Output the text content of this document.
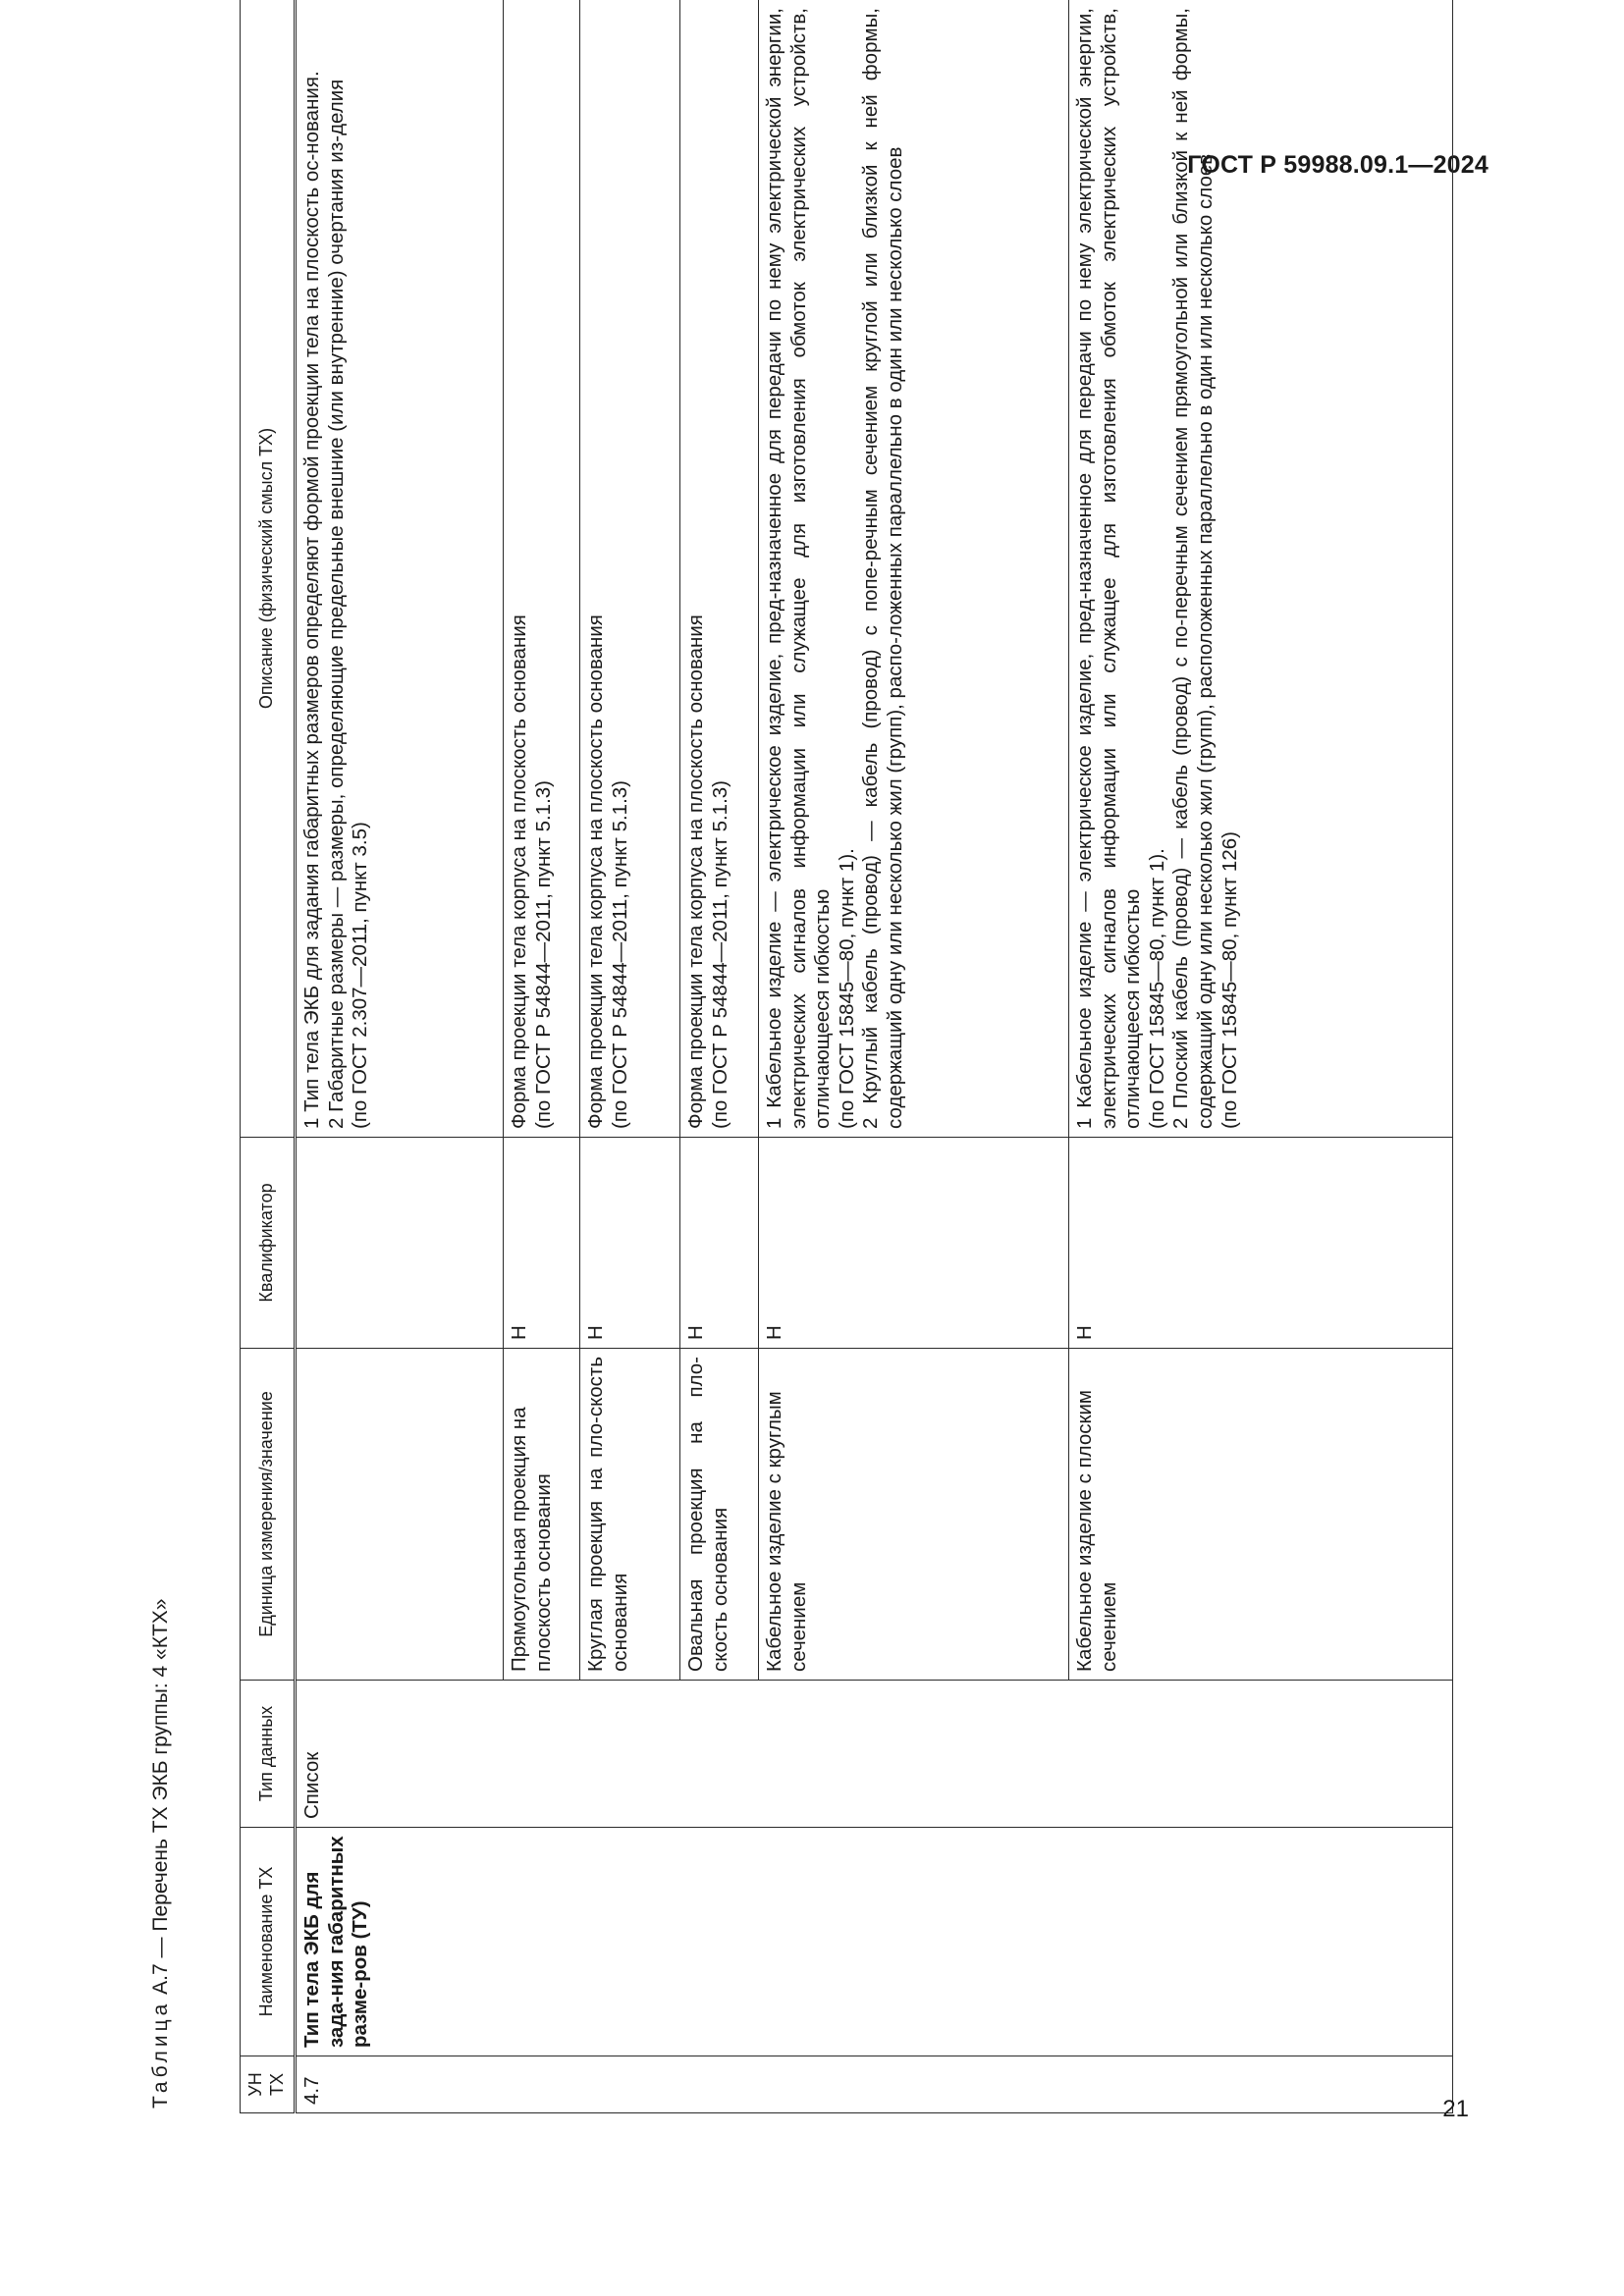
ГОСТ Р 59988.09.1—2024
Таблица А.7 — Перечень ТХ ЭКБ группы: 4 «КТХ»
УН ТХ	Наименование ТХ	Тип данных	Единица измерения/значение	Квалификатор	Описание (физический смысл ТХ)
4.7	Тип тела ЭКБ для зада-ния габаритных разме-ров (ТУ)	Список			1 Тип тела ЭКБ для задания габаритных размеров определяют формой проекции тела на плоскость ос-нования. 2 Габаритные размеры — размеры, определяющие предельные внешние (или внутренние) очертания из-делия (по ГОСТ 2.307—2011, пункт 3.5)

			Прямоугольная проекция на плоскость основания	Н	Форма проекции тела корпуса на плоскость основания (по ГОСТ Р 54844—2011, пункт 5.1.3)

			Круглая проекция на пло-скость основания	Н	Форма проекции тела корпуса на плоскость основания (по ГОСТ Р 54844—2011, пункт 5.1.3)

			Овальная проекция на пло-скость основания	Н	Форма проекции тела корпуса на плоскость основания (по ГОСТ Р 54844—2011, пункт 5.1.3)

			Кабельное изделие с круглым сечением	Н	1 Кабельное изделие — электрическое изделие, пред-назначенное для передачи по нему электрической энергии, электрических сигналов информации или служащее для изготовления обмоток электрических устройств, отличающееся гибкостью (по ГОСТ 15845—80, пункт 1). 2 Круглый кабель (провод) — кабель (провод) с попе-речным сечением круглой или близкой к ней формы, содержащий одну или несколько жил (групп), распо-ложенных параллельно в один или несколько слоев

			Кабельное изделие с плоским сечением	Н	1 Кабельное изделие — электрическое изделие, пред-назначенное для передачи по нему электрической энергии, электрических сигналов информации или служащее для изготовления обмоток электрических устройств, отличающееся гибкостью (по ГОСТ 15845—80, пункт 1). 2 Плоский кабель (провод) — кабель (провод) с по-перечным сечением прямоугольной или близкой к ней формы, содержащий одну или несколько жил (групп), расположенных параллельно в один или несколько слоев (по ГОСТ 15845—80, пункт 126)
21
